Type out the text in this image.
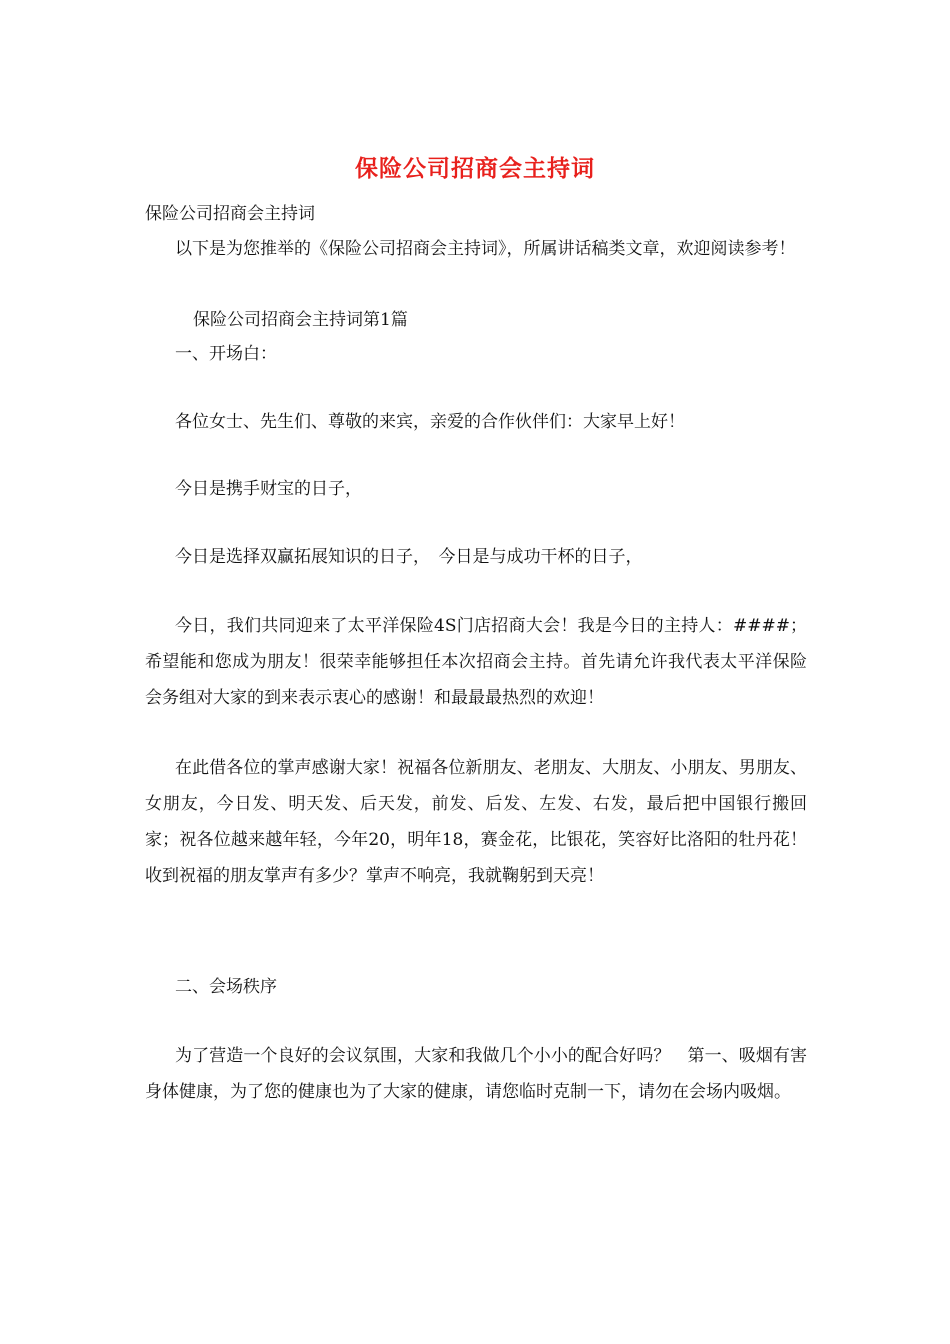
保险公司招商会主持词
保险公司招商会主持词
以下是为您推举的《保险公司招商会主持词》，所属讲话稿类文章，欢迎阅读参考！
保险公司招商会主持词第1篇
一、开场白：
各位女士、先生们、尊敬的来宾，亲爱的合作伙伴们：大家早上好！
今日是携手财宝的日子，
今日是选择双赢拓展知识的日子，　今日是与成功干杯的日子，
今日，我们共同迎来了太平洋保险4S门店招商大会！我是今日的主持人：####；希望能和您成为朋友！很荣幸能够担任本次招商会主持。首先请允许我代表太平洋保险会务组对大家的到来表示衷心的感谢！和最最最热烈的欢迎！
在此借各位的掌声感谢大家！祝福各位新朋友、老朋友、大朋友、小朋友、男朋友、女朋友，今日发、明天发、后天发，前发、后发、左发、右发，最后把中国银行搬回家；祝各位越来越年轻，今年20，明年18，赛金花，比银花，笑容好比洛阳的牡丹花！收到祝福的朋友掌声有多少？掌声不响亮，我就鞠躬到天亮！
二、会场秩序
为了营造一个良好的会议氛围，大家和我做几个小小的配合好吗？　第一、吸烟有害身体健康，为了您的健康也为了大家的健康，请您临时克制一下，请勿在会场内吸烟。
